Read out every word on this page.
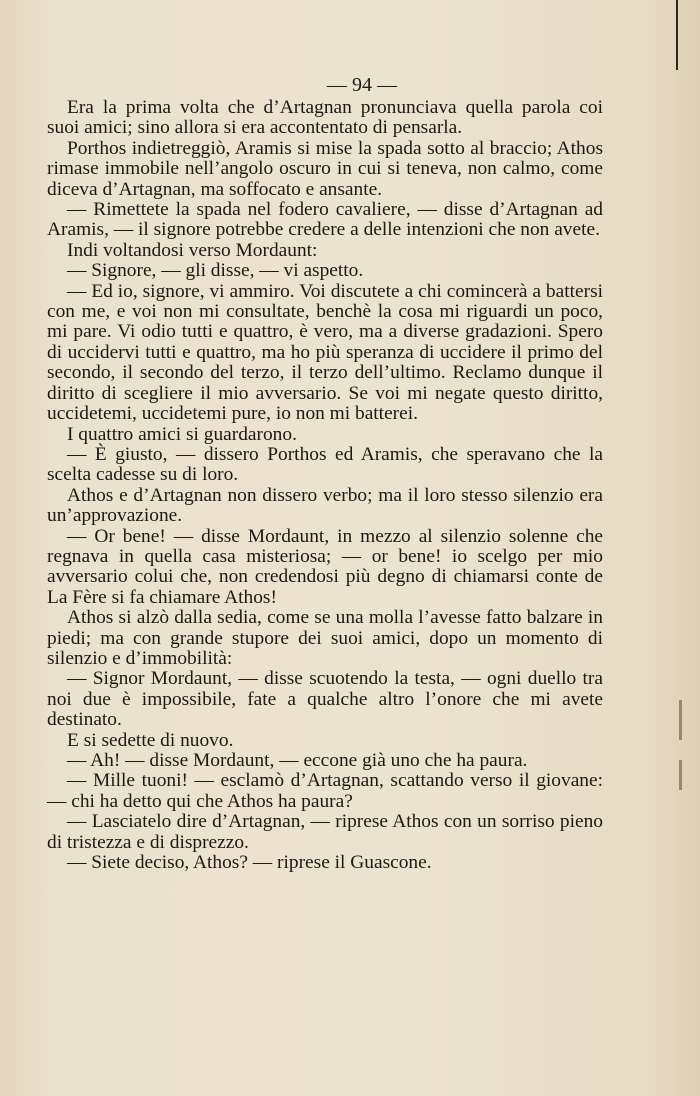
— 94 —

Era la prima volta che d’Artagnan pronunciava quella parola coi suoi amici; sino allora si era accontentato di pensarla.

Porthos indietreggiò, Aramis si mise la spada sotto al braccio; Athos rimase immobile nell’angolo oscuro in cui si teneva, non calmo, come diceva d’Artagnan, ma soffocato e ansante.

— Rimettete la spada nel fodero cavaliere, — disse d’Artagnan ad Aramis, — il signore potrebbe credere a delle intenzioni che non avete.

Indi voltandosi verso Mordaunt:

— Signore, — gli disse, — vi aspetto.

— Ed io, signore, vi ammiro. Voi discutete a chi comincerà a battersi con me, e voi non mi consultate, benchè la cosa mi riguardi un poco, mi pare. Vi odio tutti e quattro, è vero, ma a diverse gradazioni. Spero di uccidervi tutti e quattro, ma ho più speranza di uccidere il primo del secondo, il secondo del terzo, il terzo dell’ultimo. Reclamo dunque il diritto di scegliere il mio avversario. Se voi mi negate questo diritto, uccidetemi, uccidetemi pure, io non mi batterei.

I quattro amici si guardarono.

— È giusto, — dissero Porthos ed Aramis, che speravano che la scelta cadesse su di loro.

Athos e d’Artagnan non dissero verbo; ma il loro stesso silenzio era un’approvazione.

— Or bene! — disse Mordaunt, in mezzo al silenzio solenne che regnava in quella casa misteriosa; — or bene! io scelgo per mio avversario colui che, non credendosi più degno di chiamarsi conte de La Fère si fa chiamare Athos!

Athos si alzò dalla sedia, come se una molla l’avesse fatto balzare in piedi; ma con grande stupore dei suoi amici, dopo un momento di silenzio e d’immobilità:

— Signor Mordaunt, — disse scuotendo la testa, — ogni duello tra noi due è impossibile, fate a qualche altro l’onore che mi avete destinato.

E si sedette di nuovo.

— Ah! — disse Mordaunt, — eccone già uno che ha paura.

— Mille tuoni! — esclamò d’Artagnan, scattando verso il giovane: — chi ha detto qui che Athos ha paura?

— Lasciatelo dire d’Artagnan, — riprese Athos con un sorriso pieno di tristezza e di disprezzo.

— Siete deciso, Athos? — riprese il Guascone.
